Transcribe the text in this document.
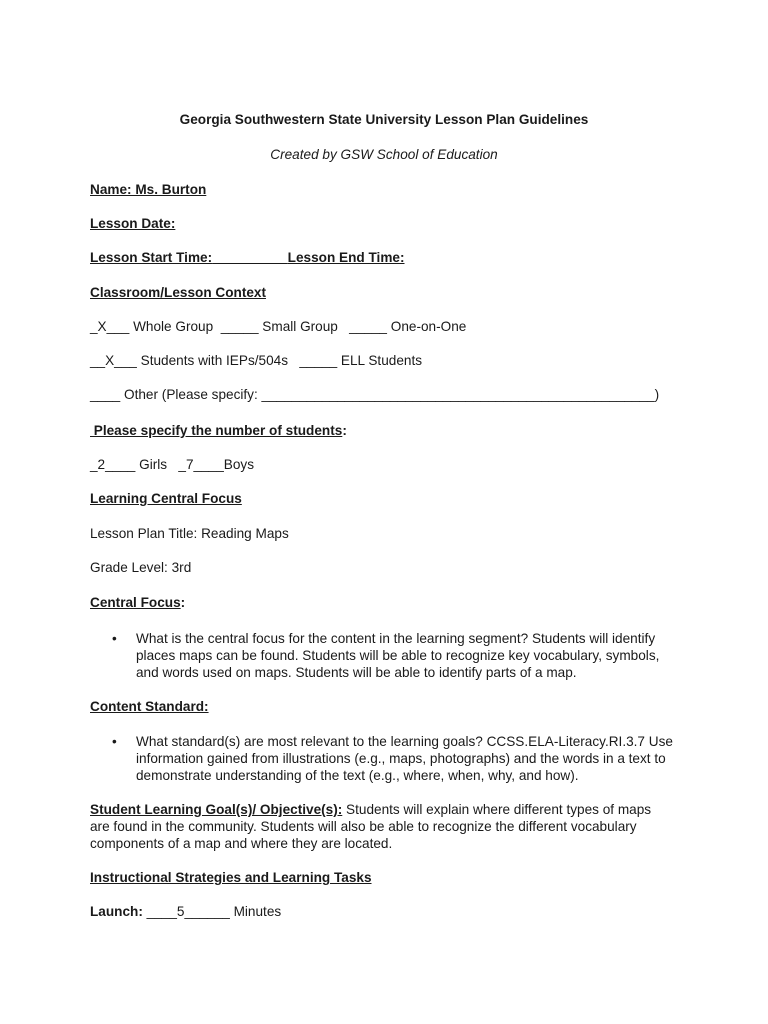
Georgia Southwestern State University Lesson Plan Guidelines
Created by GSW School of Education
Name: Ms. Burton
Lesson Date:
Lesson Start Time:	Lesson End Time:
Classroom/Lesson Context
_X___ Whole Group  _____ Small Group   _____ One-on-One
__X___ Students with IEPs/504s   _____ ELL Students
____ Other (Please specify: ____________________________________________________)
Please specify the number of students:
_2____ Girls   _7____Boys
Learning Central Focus
Lesson Plan Title: Reading Maps
Grade Level: 3rd
Central Focus:
• What is the central focus for the content in the learning segment? Students will identify places maps can be found. Students will be able to recognize key vocabulary, symbols, and words used on maps. Students will be able to identify parts of a map.
Content Standard:
• What standard(s) are most relevant to the learning goals? CCSS.ELA-Literacy.RI.3.7 Use information gained from illustrations (e.g., maps, photographs) and the words in a text to demonstrate understanding of the text (e.g., where, when, why, and how).
Student Learning Goal(s)/ Objective(s): Students will explain where different types of maps are found in the community. Students will also be able to recognize the different vocabulary components of a map and where they are located.
Instructional Strategies and Learning Tasks
Launch: ____5______ Minutes
